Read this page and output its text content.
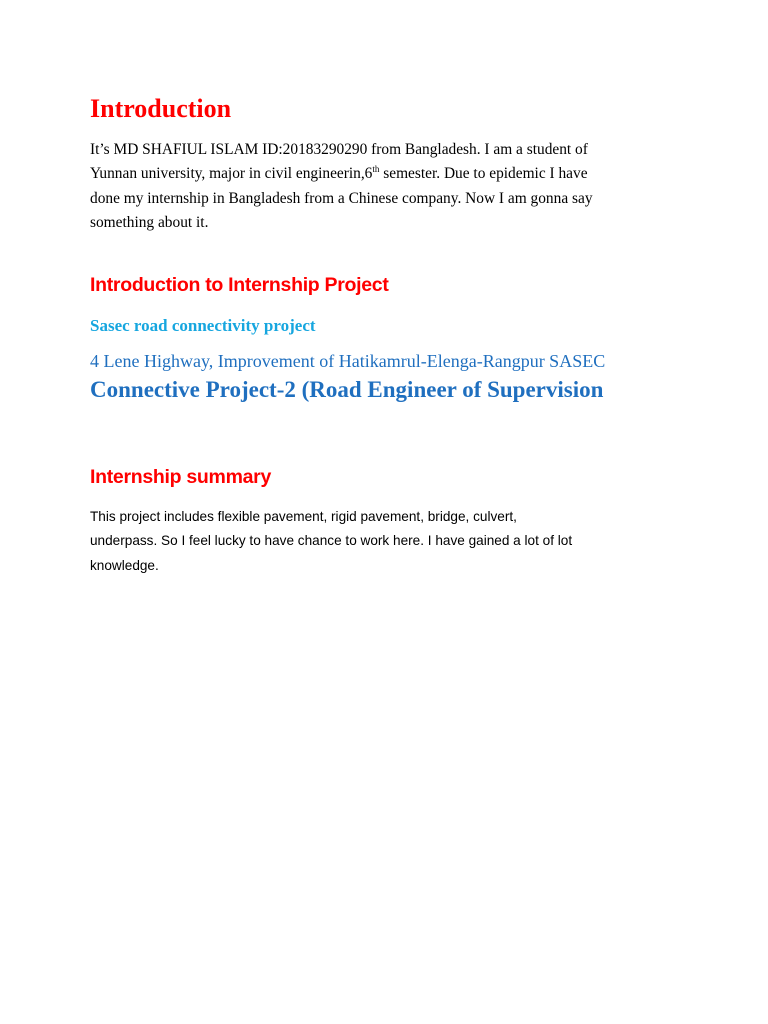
Introduction

It’s MD SHAFIUL ISLAM ID:20183290290 from Bangladesh. I am a student of
Yunnan university, major in civil engineerin,6th semester. Due to epidemic I have
done my internship in Bangladesh from a Chinese company. Now I am gonna say
something about it.

Introduction to Internship Project
Sasec road connectivity project

4 Lene Highway, Improvement of Hatikamrul-Elenga-Rangpur SASEC

Connective Project-2 (Road Engineer of Supervision

Internship summary

This project includes flexible pavement, rigid pavement, bridge, culvert,
underpass. So I feel lucky to have chance to work here. I have gained a lot of lot
knowledge.
